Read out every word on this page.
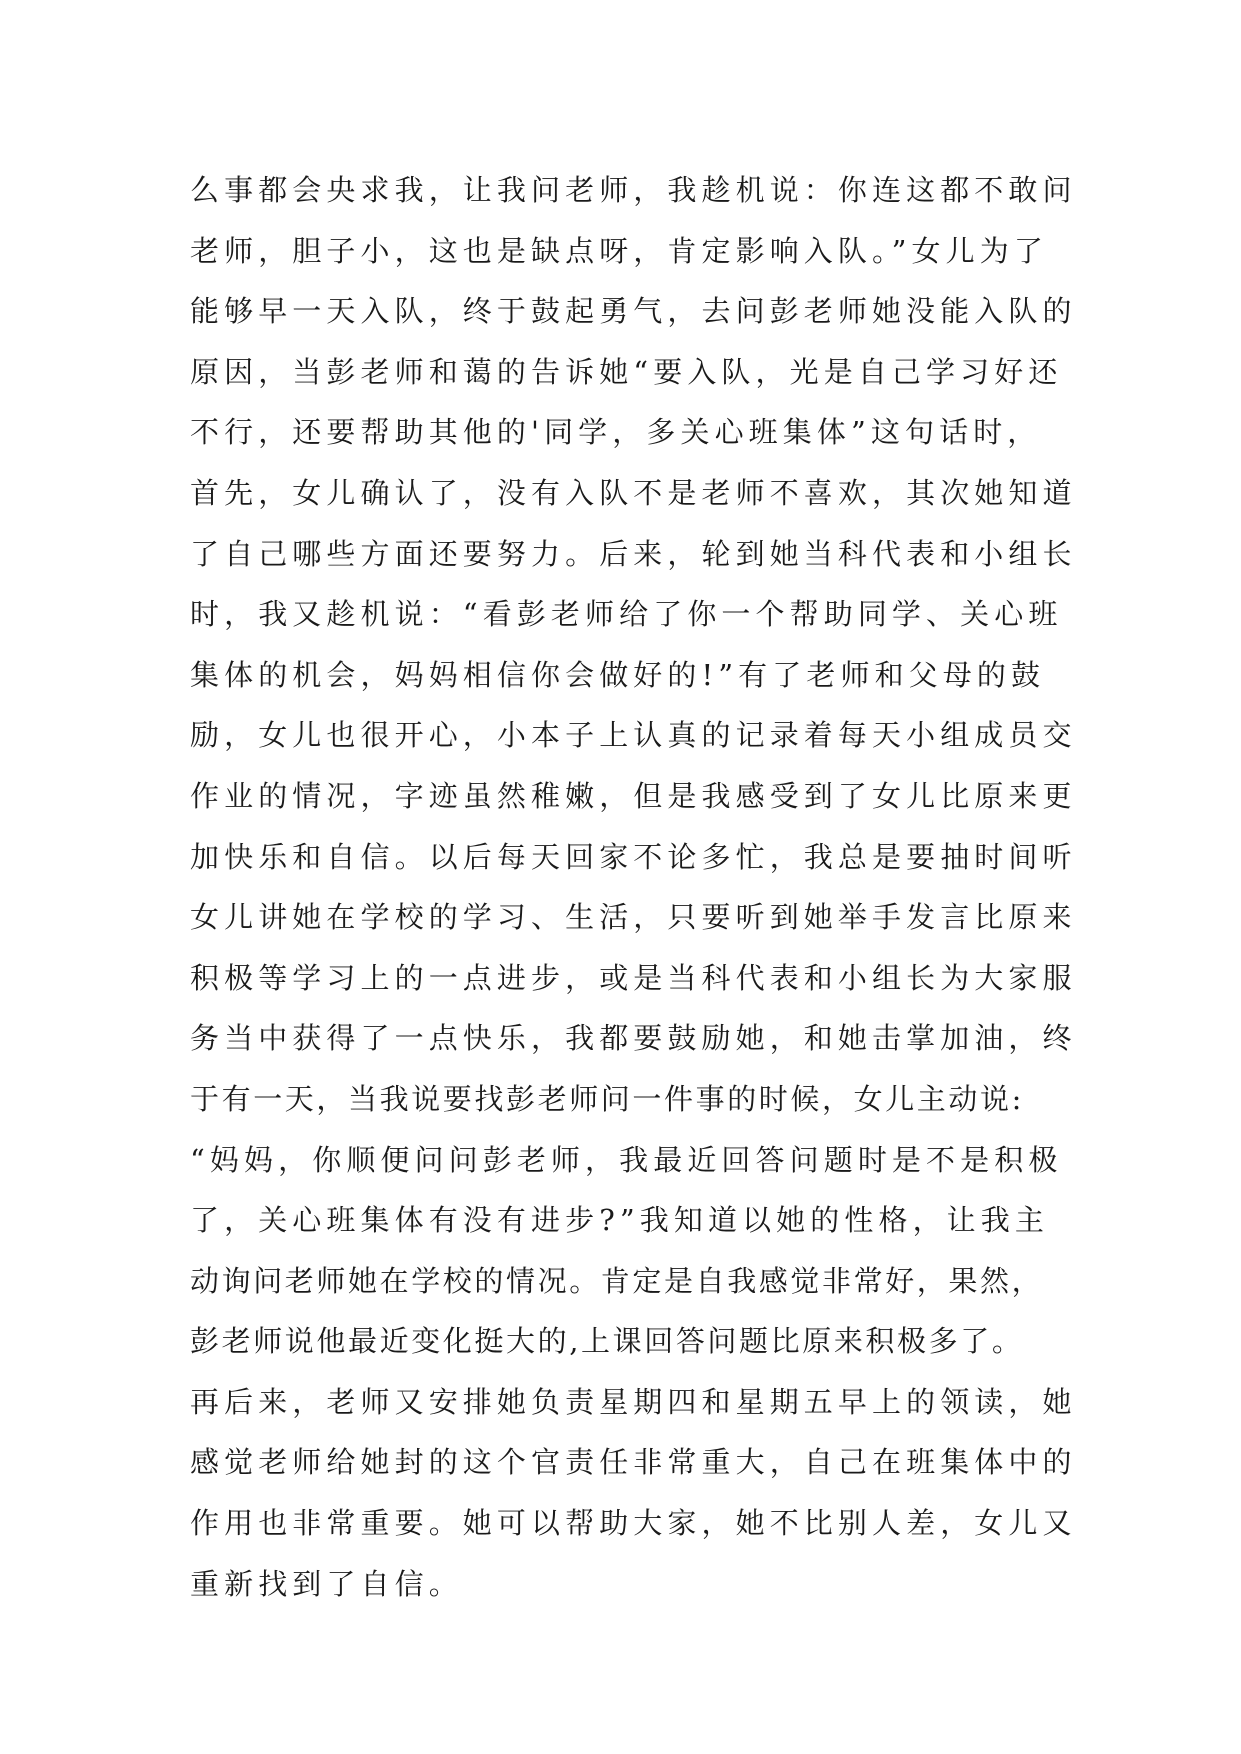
么事都会央求我，让我问老师，我趁机说：你连这都不敢问
老师，胆子小，这也是缺点呀，肯定影响入队。”女儿为了
能够早一天入队，终于鼓起勇气，去问彭老师她没能入队的
原因，当彭老师和蔼的告诉她“要入队，光是自己学习好还
不行，还要帮助其他的'同学，多关心班集体”这句话时，
首先，女儿确认了，没有入队不是老师不喜欢，其次她知道
了自己哪些方面还要努力。后来，轮到她当科代表和小组长
时，我又趁机说：“看彭老师给了你一个帮助同学、关心班
集体的机会，妈妈相信你会做好的!”有了老师和父母的鼓
励，女儿也很开心，小本子上认真的记录着每天小组成员交
作业的情况，字迹虽然稚嫩，但是我感受到了女儿比原来更
加快乐和自信。以后每天回家不论多忙，我总是要抽时间听
女儿讲她在学校的学习、生活，只要听到她举手发言比原来
积极等学习上的一点进步，或是当科代表和小组长为大家服
务当中获得了一点快乐，我都要鼓励她，和她击掌加油，终
于有一天，当我说要找彭老师问一件事的时候，女儿主动说:
“妈妈，你顺便问问彭老师，我最近回答问题时是不是积极
了，关心班集体有没有进步?”我知道以她的性格，让我主
动询问老师她在学校的情况。肯定是自我感觉非常好，果然，
彭老师说他最近变化挺大的,上课回答问题比原来积极多了。
再后来，老师又安排她负责星期四和星期五早上的领读，她
感觉老师给她封的这个官责任非常重大，自己在班集体中的
作用也非常重要。她可以帮助大家，她不比别人差，女儿又
重新找到了自信。
